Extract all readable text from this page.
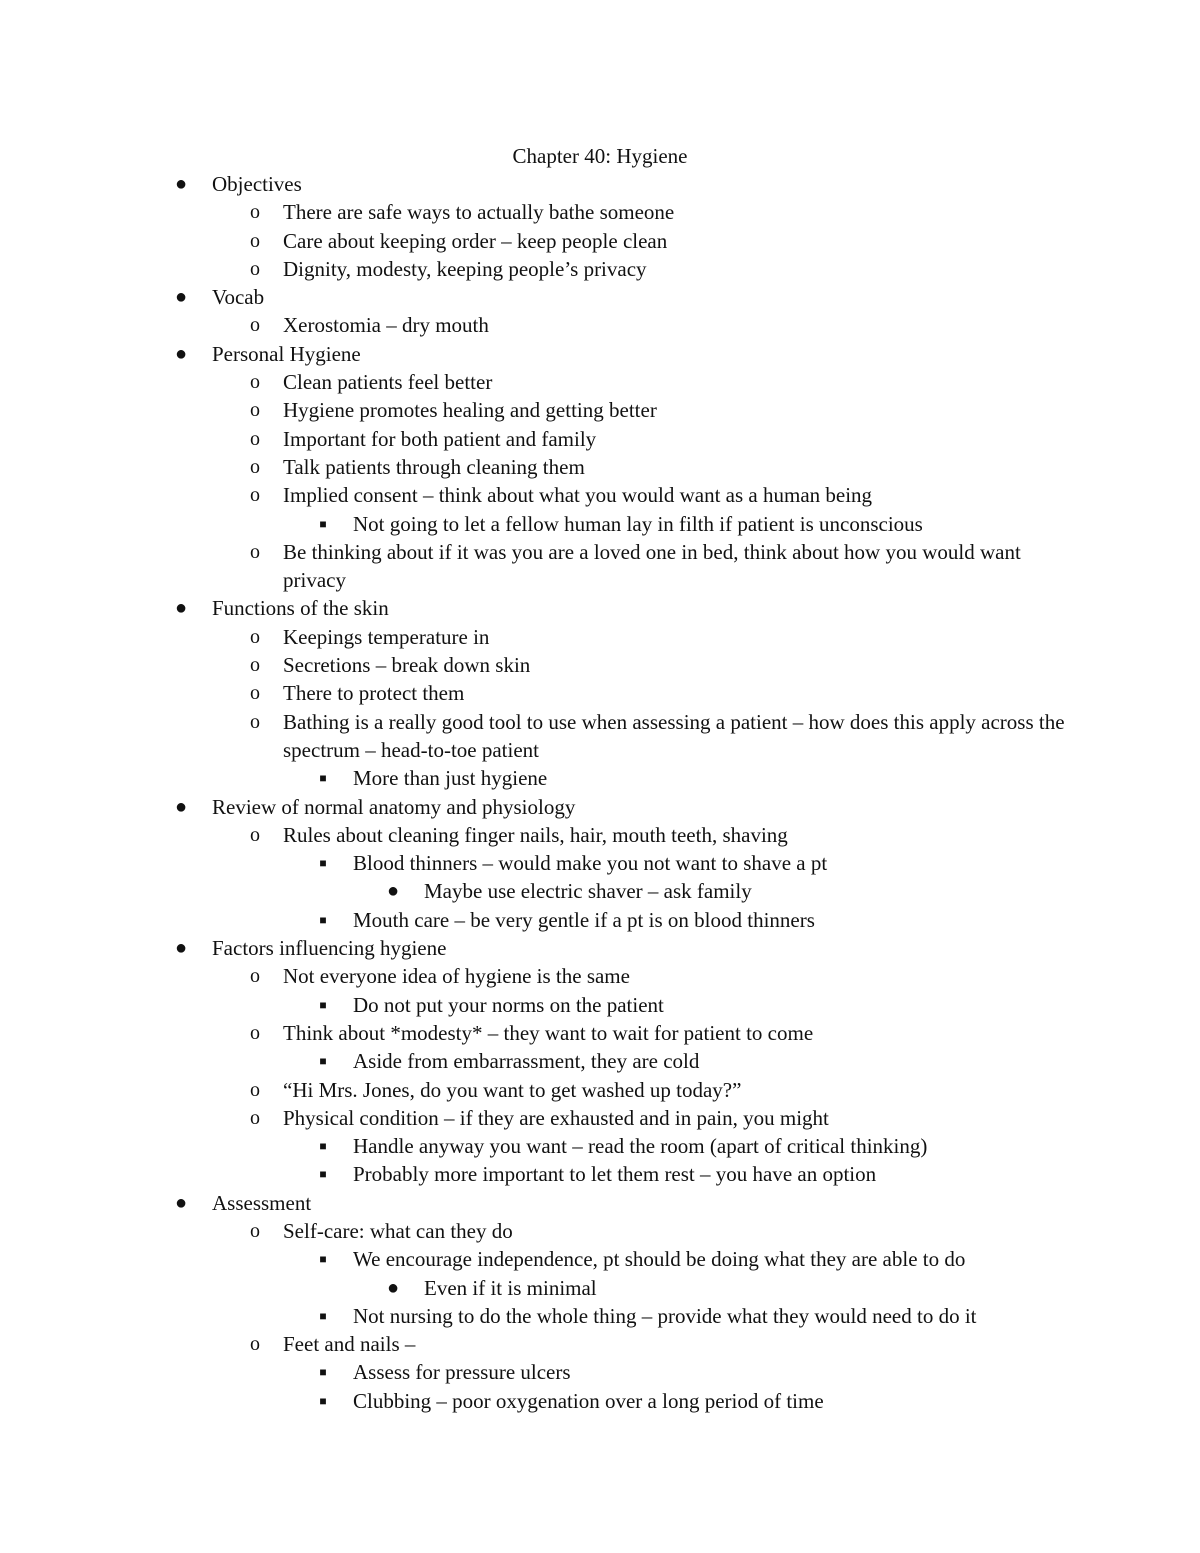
Chapter 40: Hygiene
● Objectives
o There are safe ways to actually bathe someone
o Care about keeping order – keep people clean
o Dignity, modesty, keeping people’s privacy
● Vocab
o Xerostomia – dry mouth
● Personal Hygiene
o Clean patients feel better
o Hygiene promotes healing and getting better
o Important for both patient and family
o Talk patients through cleaning them
o Implied consent – think about what you would want as a human being
■ Not going to let a fellow human lay in filth if patient is unconscious
o Be thinking about if it was you are a loved one in bed, think about how you would want privacy
● Functions of the skin
o Keepings temperature in
o Secretions – break down skin
o There to protect them
o Bathing is a really good tool to use when assessing a patient – how does this apply across the spectrum – head-to-toe patient
■ More than just hygiene
● Review of normal anatomy and physiology
o Rules about cleaning finger nails, hair, mouth teeth, shaving
■ Blood thinners – would make you not want to shave a pt
● Maybe use electric shaver – ask family
■ Mouth care – be very gentle if a pt is on blood thinners
● Factors influencing hygiene
o Not everyone idea of hygiene is the same
■ Do not put your norms on the patient
o Think about *modesty* – they want to wait for patient to come
■ Aside from embarrassment, they are cold
o “Hi Mrs. Jones, do you want to get washed up today?”
o Physical condition – if they are exhausted and in pain, you might
■ Handle anyway you want – read the room (apart of critical thinking)
■ Probably more important to let them rest – you have an option
● Assessment
o Self-care: what can they do
■ We encourage independence, pt should be doing what they are able to do
● Even if it is minimal
■ Not nursing to do the whole thing – provide what they would need to do it
o Feet and nails –
■ Assess for pressure ulcers
■ Clubbing – poor oxygenation over a long period of time
